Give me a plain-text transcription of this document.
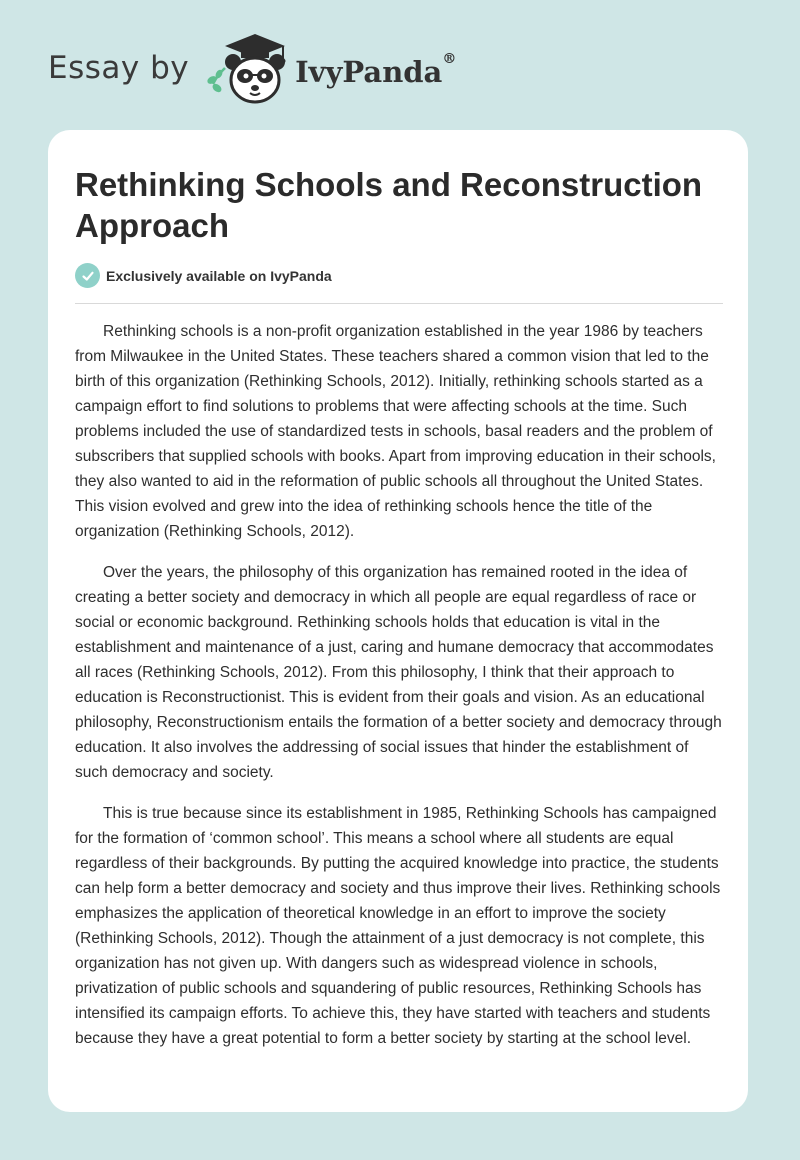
Essay by	IvyPanda®
Rethinking Schools and Reconstruction Approach
Exclusively available on IvyPanda

Rethinking schools is a non-profit organization established in the year 1986 by teachers from Milwaukee in the United States. These teachers shared a common vision that led to the birth of this organization (Rethinking Schools, 2012). Initially, rethinking schools started as a campaign effort to find solutions to problems that were affecting schools at the time. Such problems included the use of standardized tests in schools, basal readers and the problem of subscribers that supplied schools with books. Apart from improving education in their schools, they also wanted to aid in the reformation of public schools all throughout the United States. This vision evolved and grew into the idea of rethinking schools hence the title of the organization (Rethinking Schools, 2012).

Over the years, the philosophy of this organization has remained rooted in the idea of creating a better society and democracy in which all people are equal regardless of race or social or economic background. Rethinking schools holds that education is vital in the establishment and maintenance of a just, caring and humane democracy that accommodates all races (Rethinking Schools, 2012). From this philosophy, I think that their approach to education is Reconstructionist. This is evident from their goals and vision. As an educational philosophy, Reconstructionism entails the formation of a better society and democracy through education. It also involves the addressing of social issues that hinder the establishment of such democracy and society.

This is true because since its establishment in 1985, Rethinking Schools has campaigned for the formation of ‘common school’. This means a school where all students are equal regardless of their backgrounds. By putting the acquired knowledge into practice, the students can help form a better democracy and society and thus improve their lives. Rethinking schools emphasizes the application of theoretical knowledge in an effort to improve the society (Rethinking Schools, 2012). Though the attainment of a just democracy is not complete, this organization has not given up. With dangers such as widespread violence in schools, privatization of public schools and squandering of public resources, Rethinking Schools has intensified its campaign efforts. To achieve this, they have started with teachers and students because they have a great potential to form a better society by starting at the school level.
